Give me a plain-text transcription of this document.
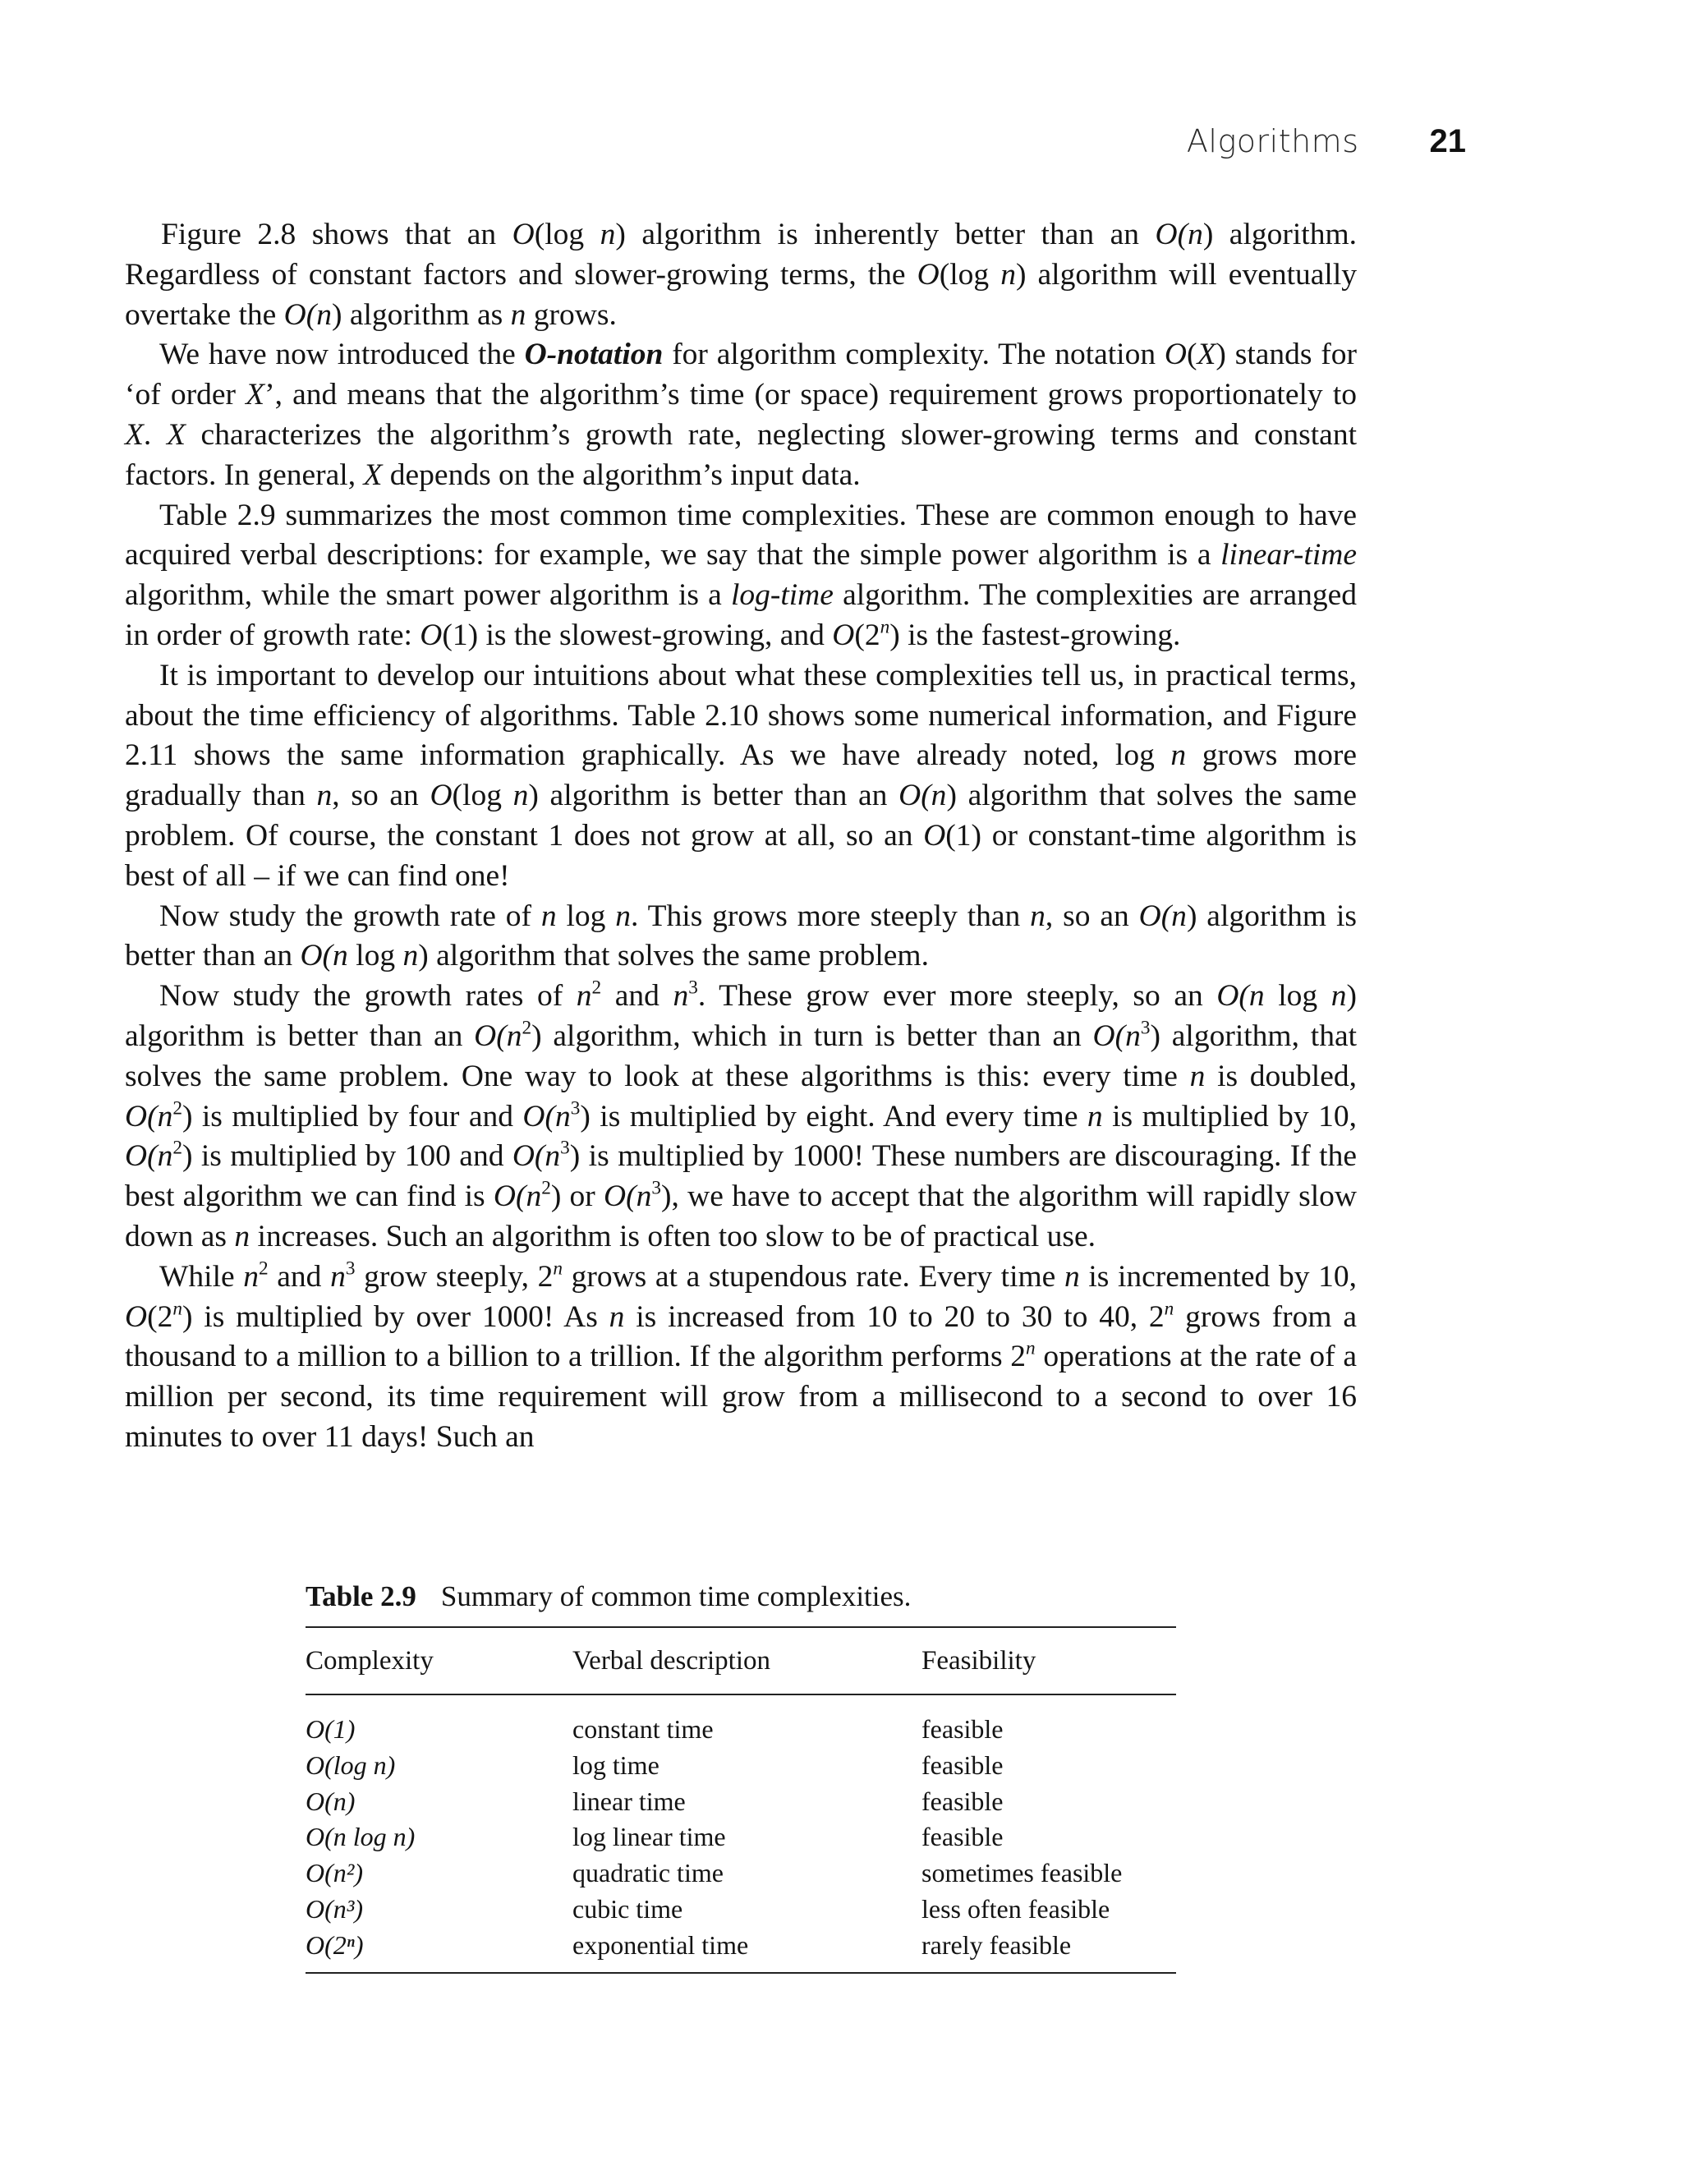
Algorithms 21

Figure 2.8 shows that an O(log n) algorithm is inherently better than an O(n) algorithm. Regardless of constant factors and slower-growing terms, the O(log n) algorithm will eventually overtake the O(n) algorithm as n grows.

We have now introduced the O-notation for algorithm complexity. The notation O(X) stands for ‘of order X’, and means that the algorithm’s time (or space) requirement grows proportionately to X. X characterizes the algorithm’s growth rate, neglecting slower-growing terms and constant factors. In general, X depends on the algorithm’s input data.

Table 2.9 summarizes the most common time complexities. These are common enough to have acquired verbal descriptions: for example, we say that the simple power algorithm is a linear-time algorithm, while the smart power algorithm is a log-time algorithm. The complexities are arranged in order of growth rate: O(1) is the slowest-growing, and O(2$^n$) is the fastest-growing.

It is important to develop our intuitions about what these complexities tell us, in practical terms, about the time efficiency of algorithms. Table 2.10 shows some numerical information, and Figure 2.11 shows the same information graphically. As we have already noted, log n grows more gradually than n, so an O(log n) algorithm is better than an O(n) algorithm that solves the same problem. Of course, the constant 1 does not grow at all, so an O(1) or constant-time algorithm is best of all – if we can find one!

Now study the growth rate of n log n. This grows more steeply than n, so an O(n) algorithm is better than an O(n log n) algorithm that solves the same problem.

Now study the growth rates of $n^2$ and $n^3$. These grow ever more steeply, so an O(n log n) algorithm is better than an $O(n^2)$ algorithm, which in turn is better than an $O(n^3)$ algorithm, that solves the same problem. One way to look at these algorithms is this: every time n is doubled, $O(n^2)$ is multiplied by four and $O(n^3)$ is multiplied by eight. And every time n is multiplied by 10, $O(n^2)$ is multiplied by 100 and $O(n^3)$ is multiplied by 1000! These numbers are discouraging. If the best algorithm we can find is $O(n^2)$ or $O(n^3)$, we have to accept that the algorithm will rapidly slow down as n increases. Such an algorithm is often too slow to be of practical use.

While $n^2$ and $n^3$ grow steeply, 2$^n$ grows at a stupendous rate. Every time n is incremented by 10, O(2$^n$) is multiplied by over 1000! As n is increased from 10 to 20 to 30 to 40, 2$^n$ grows from a thousand to a million to a billion to a trillion. If the algorithm performs 2$^n$ operations at the rate of a million per second, its time requirement will grow from a millisecond to a second to over 16 minutes to over 11 days! Such an

Table 2.9 Summary of common time complexities.
Complexity	Verbal description	Feasibility
O(1)	constant time	feasible
O(log n)	log time	feasible
O(n)	linear time	feasible
O(n log n)	log linear time	feasible
O(n²)	quadratic time	sometimes feasible
O(n³)	cubic time	less often feasible
O(2ⁿ)	exponential time	rarely feasible
